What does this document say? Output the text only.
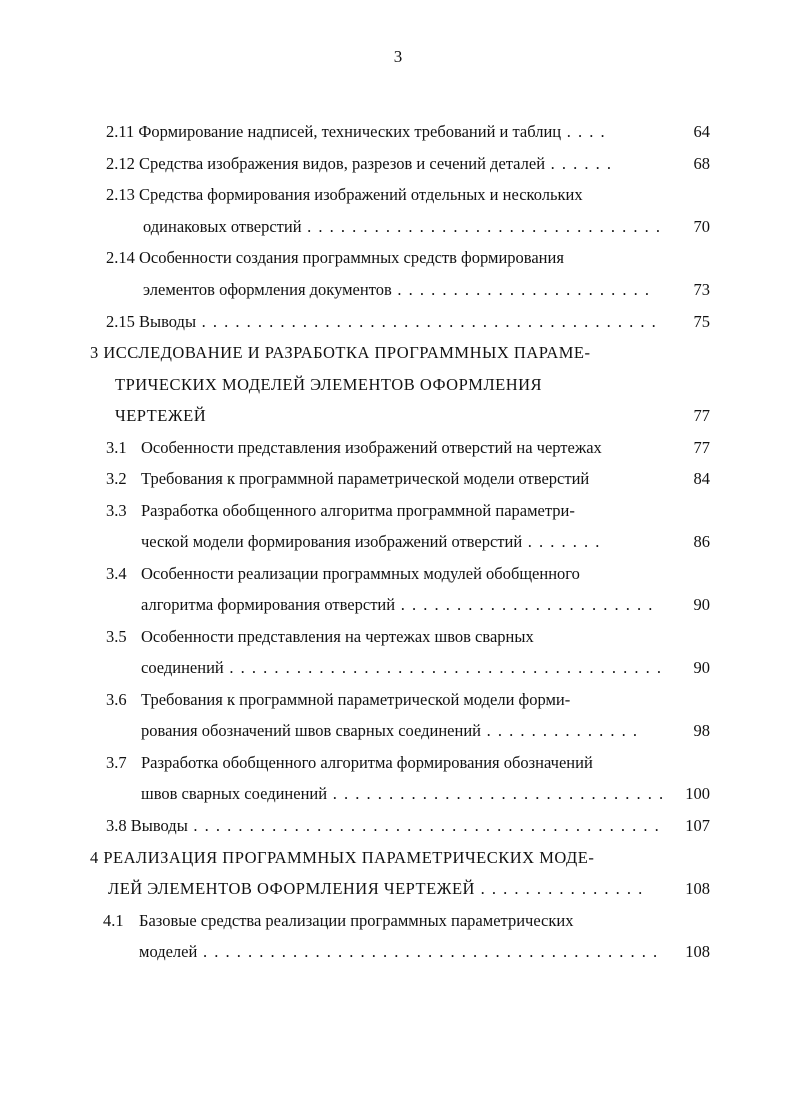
3
2.11 Формирование надписей, технических требований и таблиц . . . .	64
2.12 Средства изображения видов, разрезов и сечений деталей . . . . . .	68
2.13 Средства формирования изображений отдельных и нескольких
одинаковых отверстий . . . . . . . . . . . . . . . . . . . . . . . . . . . . . . . . 70
2.14 Особенности создания программных средств формирования
элементов оформления документов . . . . . . . . . . . . . . . . . . . . . . .	73
2.15 Выводы . . . . . . . . . . . . . . . . . . . . . . . . . . . . . . . . . . . . . . . . . 75
3 ИССЛЕДОВАНИЕ И РАЗРАБОТКА ПРОГРАММНЫХ ПАРАМЕ-
ТРИЧЕСКИХ МОДЕЛЕЙ ЭЛЕМЕНТОВ ОФОРМЛЕНИЯ
ЧЕРТЕЖЕЙ	77
3.1 Особенности представления изображений отверстий на чертежах	77
3.2 Требования к программной параметрической модели отверстий	84
3.3 Разработка обобщенного алгоритма программной параметри-
ческой модели формирования изображений отверстий . . . . . . .	86
3.4 Особенности реализации программных модулей обобщенного
алгоритма формирования отверстий . . . . . . . . . . . . . . . . . . . . . . . 90
3.5 Особенности представления на чертежах швов сварных
соединений . . . . . . . . . . . . . . . . . . . . . . . . . . . . . . . . . . . . . . . 90
3.6 Требования к программной параметрической модели форми-
рования обозначений швов сварных соединений . . . . . . . . . . . . . .	98
3.7 Разработка обобщенного алгоритма формирования обозначений
швов сварных соединений . . . . . . . . . . . . . . . . . . . . . . . . . . . . . . 100
3.8 Выводы . . . . . . . . . . . . . . . . . . . . . . . . . . . . . . . . . . . . . . . . . . 107
4 РЕАЛИЗАЦИЯ ПРОГРАММНЫХ ПАРАМЕТРИЧЕСКИХ МОДЕ-
ЛЕЙ ЭЛЕМЕНТОВ ОФОРМЛЕНИЯ ЧЕРТЕЖЕЙ . . . . . . . . . . . . . . .	108
4.1 Базовые средства реализации программных параметрических
моделей . . . . . . . . . . . . . . . . . . . . . . . . . . . . . . . . . . . . . . . . . 108
